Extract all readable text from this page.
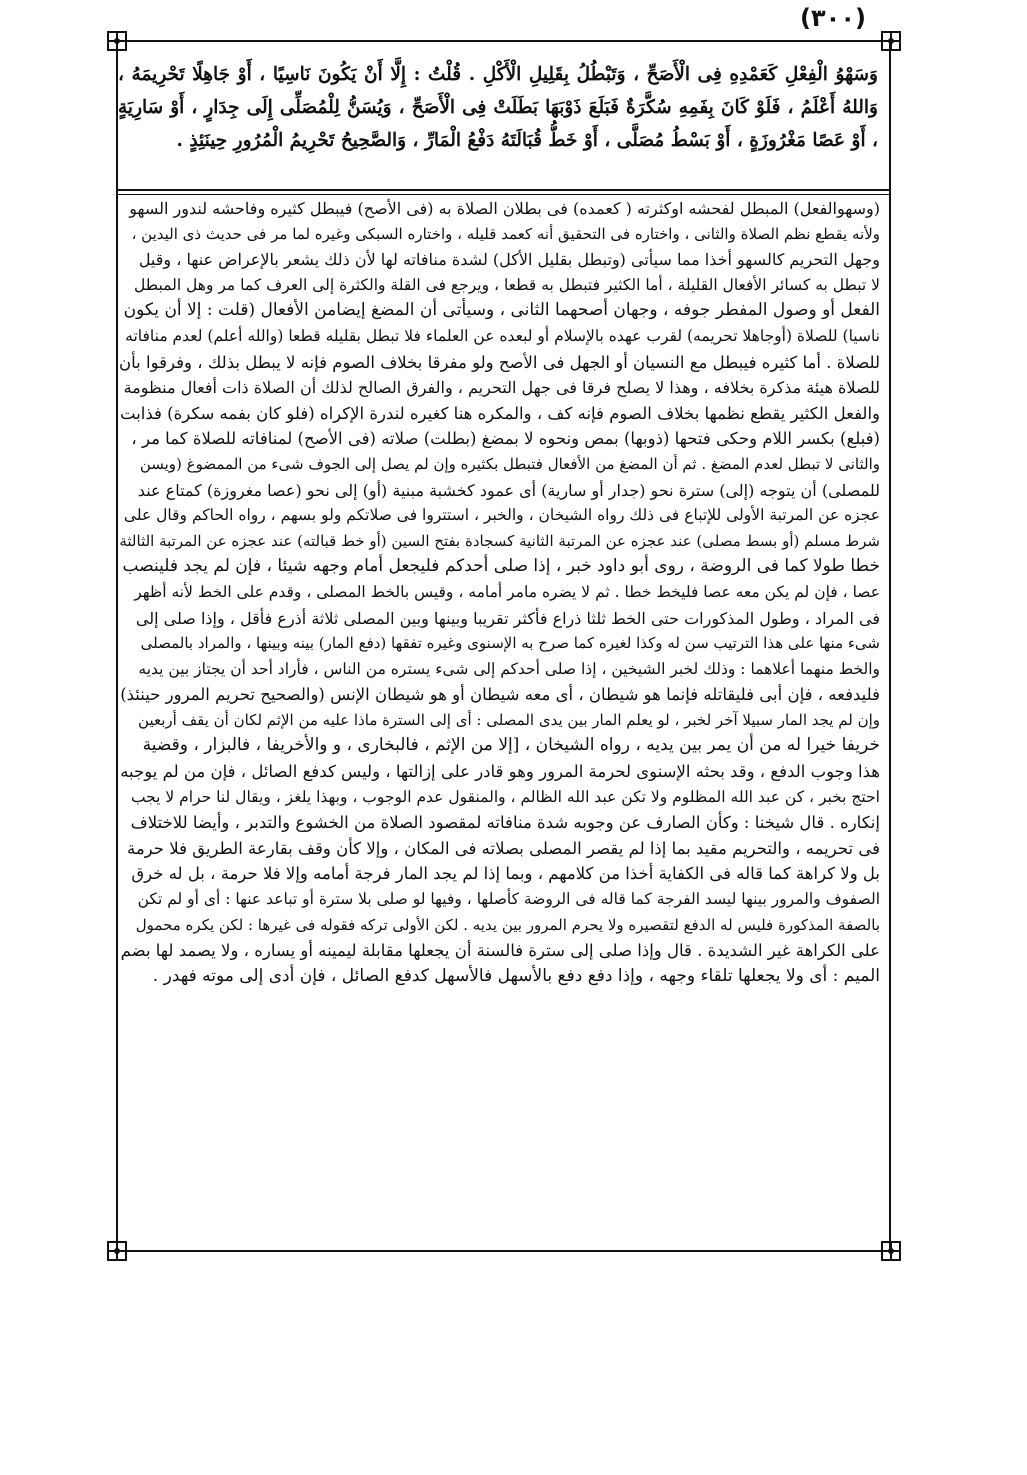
(٣٠٠)
وَسَهْوُ الْفِعْلِ كَعَمْدِهِ فِى الْأَصَحِّ ، وَتَبْطُلُ بِقَلِيلِ الْأَكْلِ . قُلْتُ : إِلَّا أَنْ يَكُونَ نَاسِيًا ، أَوْ جَاهِلًا تَحْرِيمَهُ ، وَاللهُ أَعْلَمُ ، فَلَوْ كَانَ بِفَمِهِ سُكَّرَةٌ فَبَلَعَ ذَوْبَهَا بَطَلَتْ فِى الْأَصَحِّ ، وَيُسَنُّ لِلْمُصَلِّى إِلَى جِدَارٍ ، أَوْ سَارِيَةٍ ، أَوْ عَصًا مَغْرُوزَةٍ ، أَوْ بَسْطُ مُصَلَّى ، أَوْ خَطُّ قُبَالَتَهُ دَفْعُ الْمَارِّ ، وَالصَّحِيحُ تَحْرِيمُ الْمُرُورِ حِينَئِذٍ .
(وسهوالفعل) المبطل لفحشه اوكثرته ( كعمده) فى بطلان الصلاة به (فى الأصح) فيبطل كثيره وفاحشه لندور السهو
ولأنه يقطع نظم الصلاة والثانى ، واختاره فى التحقيق أنه كعمد قليله ، واختاره السبكى وغيره لما مر فى حديث ذى اليدين ،
وجهل التحريم كالسهو أخذا مما سيأتى (وتبطل بقليل الأكل) لشدة منافاته لها لأن ذلك يشعر بالإعراض عنها ، وقيل
لا تبطل به كسائر الأفعال القليلة ، أما الكثير فتبطل به قطعا ، ويرجع فى القلة والكثرة إلى العرف كما مر وهل المبطل
الفعل أو وصول المفطر جوفه ، وجهان أصحهما الثانى ، وسيأتى أن المضغ إيضامن الأفعال (قلت : إلا أن يكون
ناسيا) للصلاة (أوجاهلا تحريمه) لقرب عهده بالإسلام أو لبعده عن العلماء فلا تبطل بقليله قطعا (والله أعلم) لعدم منافاته
للصلاة . أما كثيره فيبطل مع النسيان أو الجهل فى الأصح ولو مفرقا بخلاف الصوم فإنه لا يبطل بذلك ، وفرقوا بأن
للصلاة هيئة مذكرة بخلافه ، وهذا لا يصلح فرقا فى جهل التحريم ، والفرق الصالح لذلك أن الصلاة ذات أفعال منظومة
والفعل الكثير يقطع نظمها بخلاف الصوم فإنه كف ، والمكره هنا كغيره لندرة الإكراه (فلو كان بفمه سكرة) فذابت
(فبلع) بكسر اللام وحكى فتحها (ذوبها) بمص ونحوه لا بمضغ (بطلت) صلاته (فى الأصح) لمنافاته للصلاة كما مر ،
والثانى لا تبطل لعدم المضغ . ثم أن المضغ من الأفعال فتبطل بكثيره وإن لم يصل إلى الجوف شىء من الممضوغ (ويسن
للمصلى) أن يتوجه (إلى) سترة نحو (جدار أو سارية) أى عمود كخشبة مبنية (أو) إلى نحو (عصا مغروزة) كمتاع عند
عجزه عن المرتبة الأولى للإتباع فى ذلك رواه الشيخان ، والخبر ، استتروا فى صلاتكم ولو بسهم ، رواه الحاكم وقال على
شرط مسلم (أو بسط مصلى) عند عجزه عن المرتبة الثانية كسجادة بفتح السين (أو خط قبالته) عند عجزه عن المرتبة الثالثة
خطا طولا كما فى الروضة ، روى أبو داود خبر ، إذا صلى أحدكم فليجعل أمام وجهه شيئا ، فإن لم يجد فلينصب
عصا ، فإن لم يكن معه عصا فليخط خطا . ثم لا يضره مامر أمامه ، وقيس بالخط المصلى ، وقدم على الخط لأنه أظهر
فى المراد ، وطول المذكورات حتى الخط ثلثا ذراع فأكثر تقريبا وبينها وبين المصلى ثلاثة أذرع فأقل ، وإذا صلى إلى
شىء منها على هذا الترتيب سن له وكذا لغيره كما صرح به الإسنوى وغيره تفقها (دفع المار) بينه وبينها ، والمراد بالمصلى
والخط منهما أعلاهما : وذلك لخبر الشيخين ، إذا صلى أحدكم إلى شىء يستره من الناس ، فأراد أحد أن يجتاز بين يديه
فليدفعه ، فإن أبى فليقاتله فإنما هو شيطان ، أى معه شيطان أو هو شيطان الإنس (والصحيح تحريم المرور حينئذ)
وإن لم يجد المار سبيلا آخر لخبر ، لو يعلم المار بين يدى المصلى : أى إلى السترة ماذا عليه من الإثم لكان أن يقف أربعين
خريفا خيرا له من أن يمر بين يديه ، رواه الشيخان ، [إلا من الإثم ، فالبخارى ، و والأخريفا ، فالبزار ، وقضية
هذا وجوب الدفع ، وقد بحثه الإسنوى لحرمة المرور وهو قادر على إزالتها ، وليس كدفع الصائل ، فإن من لم يوجبه
احتج بخبر ، كن عبد الله المظلوم ولا تكن عبد الله الظالم ، والمنقول عدم الوجوب ، وبهذا يلغز ، ويقال لنا حرام لا يجب
إنكاره . قال شيخنا : وكأن الصارف عن وجوبه شدة منافاته لمقصود الصلاة من الخشوع والتدبر ، وأيضا للاختلاف
فى تحريمه ، والتحريم مقيد بما إذا لم يقصر المصلى بصلاته فى المكان ، وإلا كأن وقف بقارعة الطريق فلا حرمة
بل ولا كراهة كما قاله فى الكفاية أخذا من كلامهم ، وبما إذا لم يجد المار فرجة أمامه وإلا فلا حرمة ، بل له خرق
الصفوف والمرور بينها ليسد الفرجة كما قاله فى الروضة كأصلها ، وفيها لو صلى بلا سترة أو تباعد عنها : أى أو لم تكن
بالصفة المذكورة فليس له الدفع لتقصيره ولا يحرم المرور بين يديه . لكن الأولى تركه فقوله فى غيرها : لكن يكره محمول
على الكراهة غير الشديدة . قال وإذا صلى إلى سترة فالسنة أن يجعلها مقابلة ليمينه أو يساره ، ولا يصمد لها بضم
الميم : أى ولا يجعلها تلقاء وجهه ، وإذا دفع دفع بالأسهل فالأسهل كدفع الصائل ، فإن أدى إلى موته فهدر .
